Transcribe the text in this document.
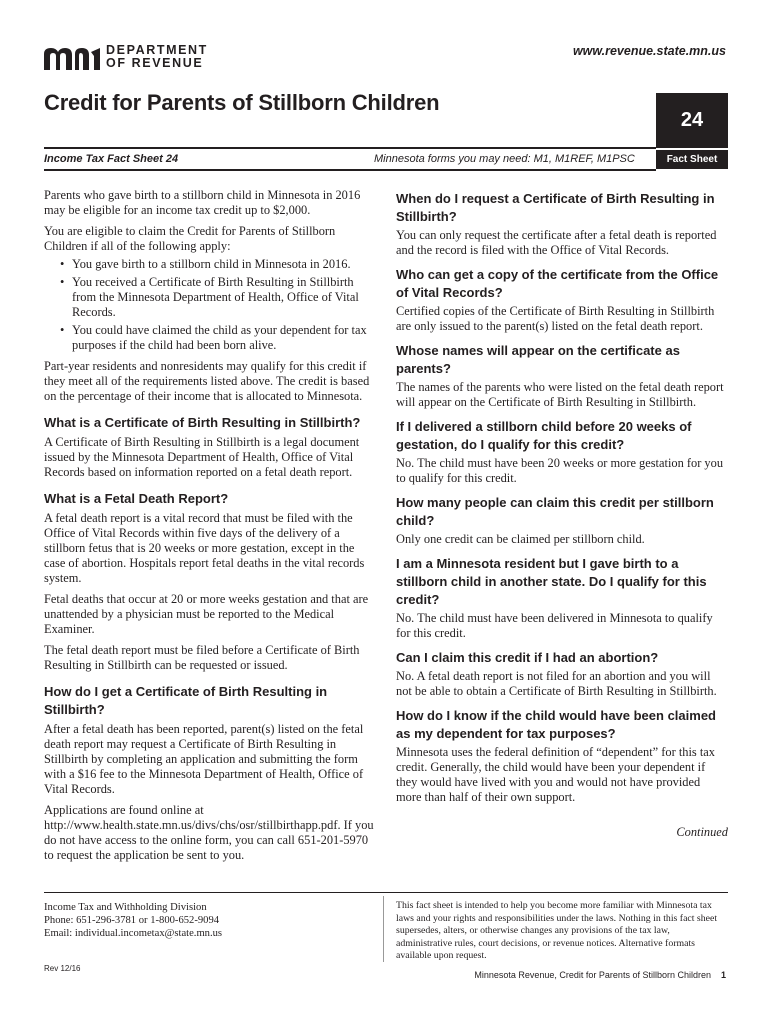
DEPARTMENT
OF REVENUE
www.revenue.state.mn.us
Credit for Parents of Stillborn Children
24
Income Tax Fact Sheet 24	Minnesota forms you may need: M1, M1REF, M1PSC	Fact Sheet

Parents who gave birth to a stillborn child in Minnesota in 2016 may be eligible for an income tax credit up to $2,000.

You are eligible to claim the Credit for Parents of Stillborn Children if all of the following apply:

• You gave birth to a stillborn child in Minnesota in 2016.
• You received a Certificate of Birth Resulting in Stillbirth from the Minnesota Department of Health, Office of Vital Records.
• You could have claimed the child as your dependent for tax purposes if the child had been born alive.

Part-year residents and nonresidents may qualify for this credit if they meet all of the requirements listed above. The credit is based on the percentage of their income that is allocated to Minnesota.

What is a Certificate of Birth Resulting in Stillbirth?

A Certificate of Birth Resulting in Stillbirth is a legal document issued by the Minnesota Department of Health, Office of Vital Records based on information reported on a fetal death report.

What is a Fetal Death Report?

A fetal death report is a vital record that must be filed with the Office of Vital Records within five days of the delivery of a stillborn fetus that is 20 weeks or more gestation, except in the case of abortion. Hospitals report fetal deaths in the vital records system.

Fetal deaths that occur at 20 or more weeks gestation and that are unattended by a physician must be reported to the Medical Examiner.

The fetal death report must be filed before a Certificate of Birth Resulting in Stillbirth can be requested or issued.

How do I get a Certificate of Birth Resulting in Stillbirth?

After a fetal death has been reported, parent(s) listed on the fetal death report may request a Certificate of Birth Resulting in Stillbirth by completing an application and submitting the form with a $16 fee to the Minnesota Department of Health, Office of Vital Records.

Applications are found online at http://www.health.state.mn.us/divs/chs/osr/stillbirthapp.pdf. If you do not have access to the online form, you can call 651-201-5970 to request the application be sent to you.

When do I request a Certificate of Birth Resulting in Stillbirth?

You can only request the certificate after a fetal death is reported and the record is filed with the Office of Vital Records.

Who can get a copy of the certificate from the Office of Vital Records?

Certified copies of the Certificate of Birth Resulting in Stillbirth are only issued to the parent(s) listed on the fetal death report.

Whose names will appear on the certificate as parents?

The names of the parents who were listed on the fetal death report will appear on the Certificate of Birth Resulting in Stillbirth.

If I delivered a stillborn child before 20 weeks of gestation, do I qualify for this credit?

No. The child must have been 20 weeks or more gestation for you to qualify for this credit.

How many people can claim this credit per stillborn child?

Only one credit can be claimed per stillborn child.

I am a Minnesota resident but I gave birth to a stillborn child in another state. Do I qualify for this credit?

No. The child must have been delivered in Minnesota to qualify for this credit.

Can I claim this credit if I had an abortion?

No. A fetal death report is not filed for an abortion and you will not be able to obtain a Certificate of Birth Resulting in Stillbirth.

How do I know if the child would have been claimed as my dependent for tax purposes?

Minnesota uses the federal definition of “dependent” for this tax credit. Generally, the child would have been your dependent if they would have lived with you and would not have provided more than half of their own support.

Continued
Income Tax and Withholding Division
Phone: 651-296-3781 or 1-800-652-9094
Email: individual.incometax@state.mn.us
Rev 12/16
This fact sheet is intended to help you become more familiar with Minnesota tax laws and your rights and responsibilities under the laws. Nothing in this fact sheet supersedes, alters, or otherwise changes any provisions of the tax law, administrative rules, court decisions, or revenue notices. Alternative formats available upon request.
Minnesota Revenue, Credit for Parents of Stillborn Children 1
